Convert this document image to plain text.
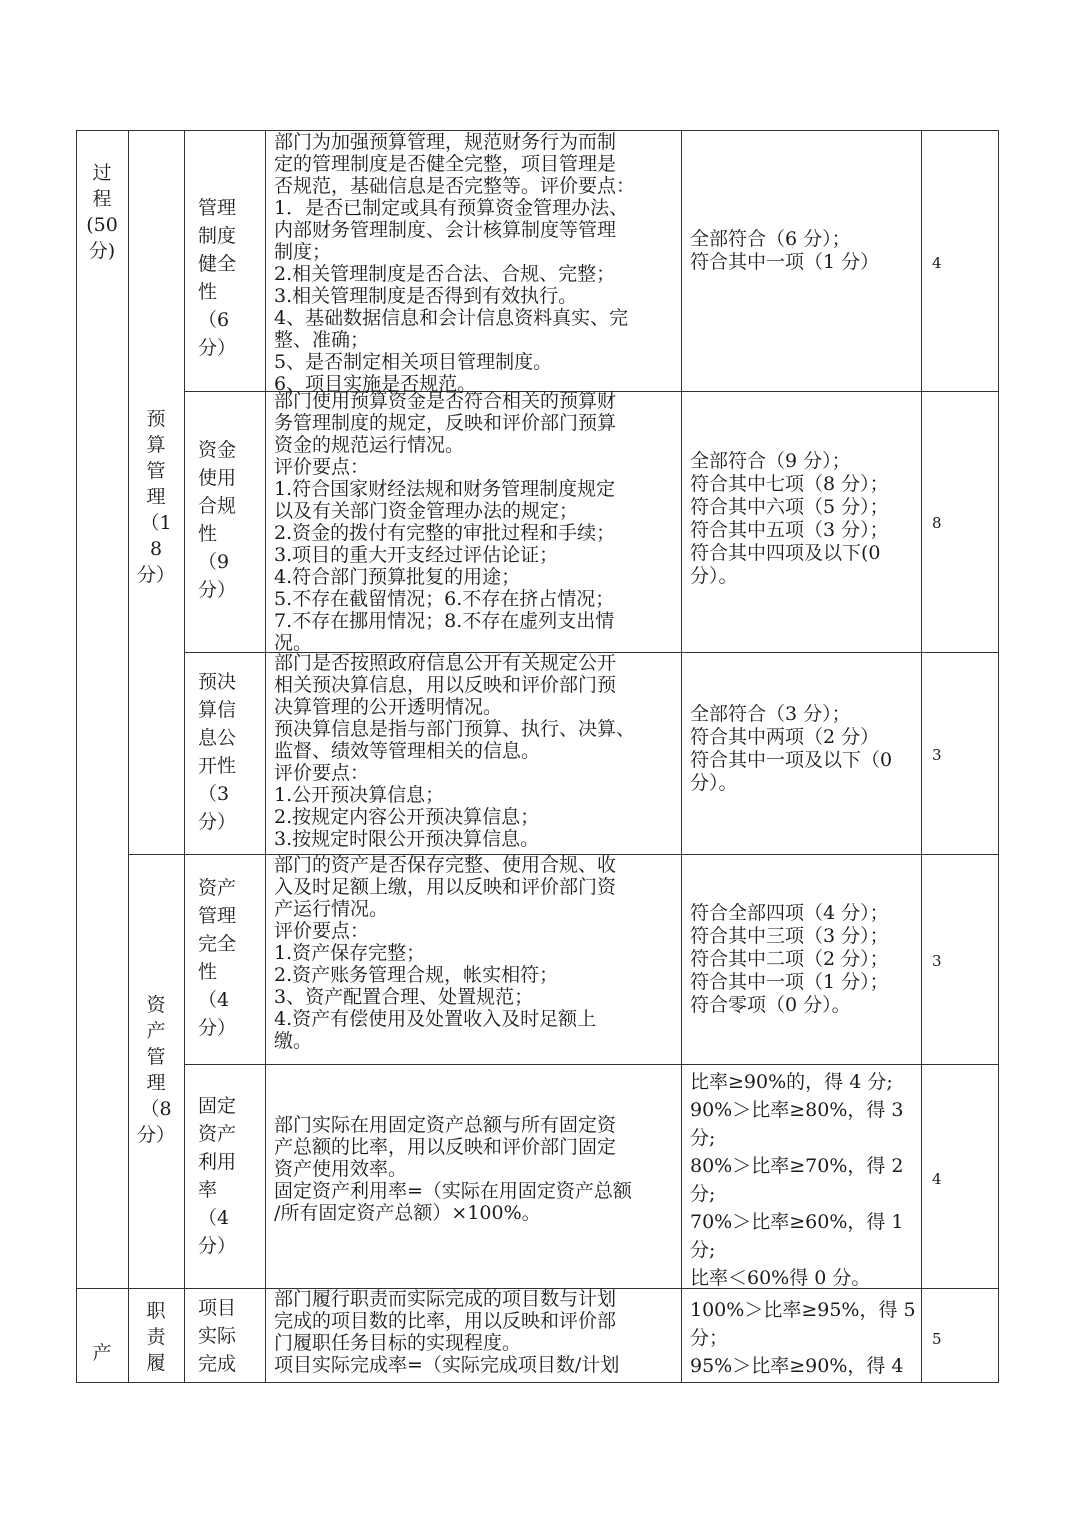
过
程
(50
分)
产
预
算
管
理
（1
8
分）
资
产
管
理
（8
分）
职
责
履
管理
制度
健全
性
（6
分）
部门为加强预算管理，规范财务行为而制
定的管理制度是否健全完整，项目管理是
否规范，基础信息是否完整等。评价要点：
1．是否已制定或具有预算资金管理办法、
内部财务管理制度、会计核算制度等管理
制度；
2.相关管理制度是否合法、合规、完整；
3.相关管理制度是否得到有效执行。
4、基础数据信息和会计信息资料真实、完
整、准确；
5、是否制定相关项目管理制度。
6、项目实施是否规范。
全部符合（6 分）；
符合其中一项（1 分）	4
资金
使用
合规
性
（9
分）
部门使用预算资金是否符合相关的预算财
务管理制度的规定，反映和评价部门预算
资金的规范运行情况。
评价要点：
1.符合国家财经法规和财务管理制度规定
以及有关部门资金管理办法的规定；
2.资金的拨付有完整的审批过程和手续；
3.项目的重大开支经过评估论证；
4.符合部门预算批复的用途；
5.不存在截留情况；6.不存在挤占情况；
7.不存在挪用情况；8.不存在虚列支出情
况。
全部符合（9 分）；
符合其中七项（8 分）；
符合其中六项（5 分）；
符合其中五项（3 分）；
符合其中四项及以下(0
分）。
8
预决
算信
息公
开性
（3
分）
部门是否按照政府信息公开有关规定公开
相关预决算信息，用以反映和评价部门预
决算管理的公开透明情况。
预决算信息是指与部门预算、执行、决算、
监督、绩效等管理相关的信息。
评价要点：
1.公开预决算信息；
2.按规定内容公开预决算信息；
3.按规定时限公开预决算信息。
全部符合（3 分）；
符合其中两项（2 分）
符合其中一项及以下（0
分）。
3
资产
管理
完全
性
（4
分）
部门的资产是否保存完整、使用合规、收
入及时足额上缴，用以反映和评价部门资
产运行情况。
评价要点：
1.资产保存完整；
2.资产账务管理合规，帐实相符；
3、资产配置合理、处置规范；
4.资产有偿使用及处置收入及时足额上
缴。
符合全部四项（4 分）；
符合其中三项（3 分）；
符合其中二项（2 分）；
符合其中一项（1 分）；
符合零项（0 分）。
3
固定
资产
利用
率
（4
分）
部门实际在用固定资产总额与所有固定资
产总额的比率，用以反映和评价部门固定
资产使用效率。
固定资产利用率=（实际在用固定资产总额
/所有固定资产总额）×100%。
比率≥90%的，得 4 分;
90%＞比率≥80%，得 3
分;
80%＞比率≥70%，得 2
分;
70%＞比率≥60%，得 1
分;
比率＜60%得 0 分。
4
项目
实际
完成
部门履行职责而实际完成的项目数与计划
完成的项目数的比率，用以反映和评价部
门履职任务目标的实现程度。
项目实际完成率=（实际完成项目数/计划
100%＞比率≥95%，得 5
分；
95%＞比率≥90%，得 4
5
